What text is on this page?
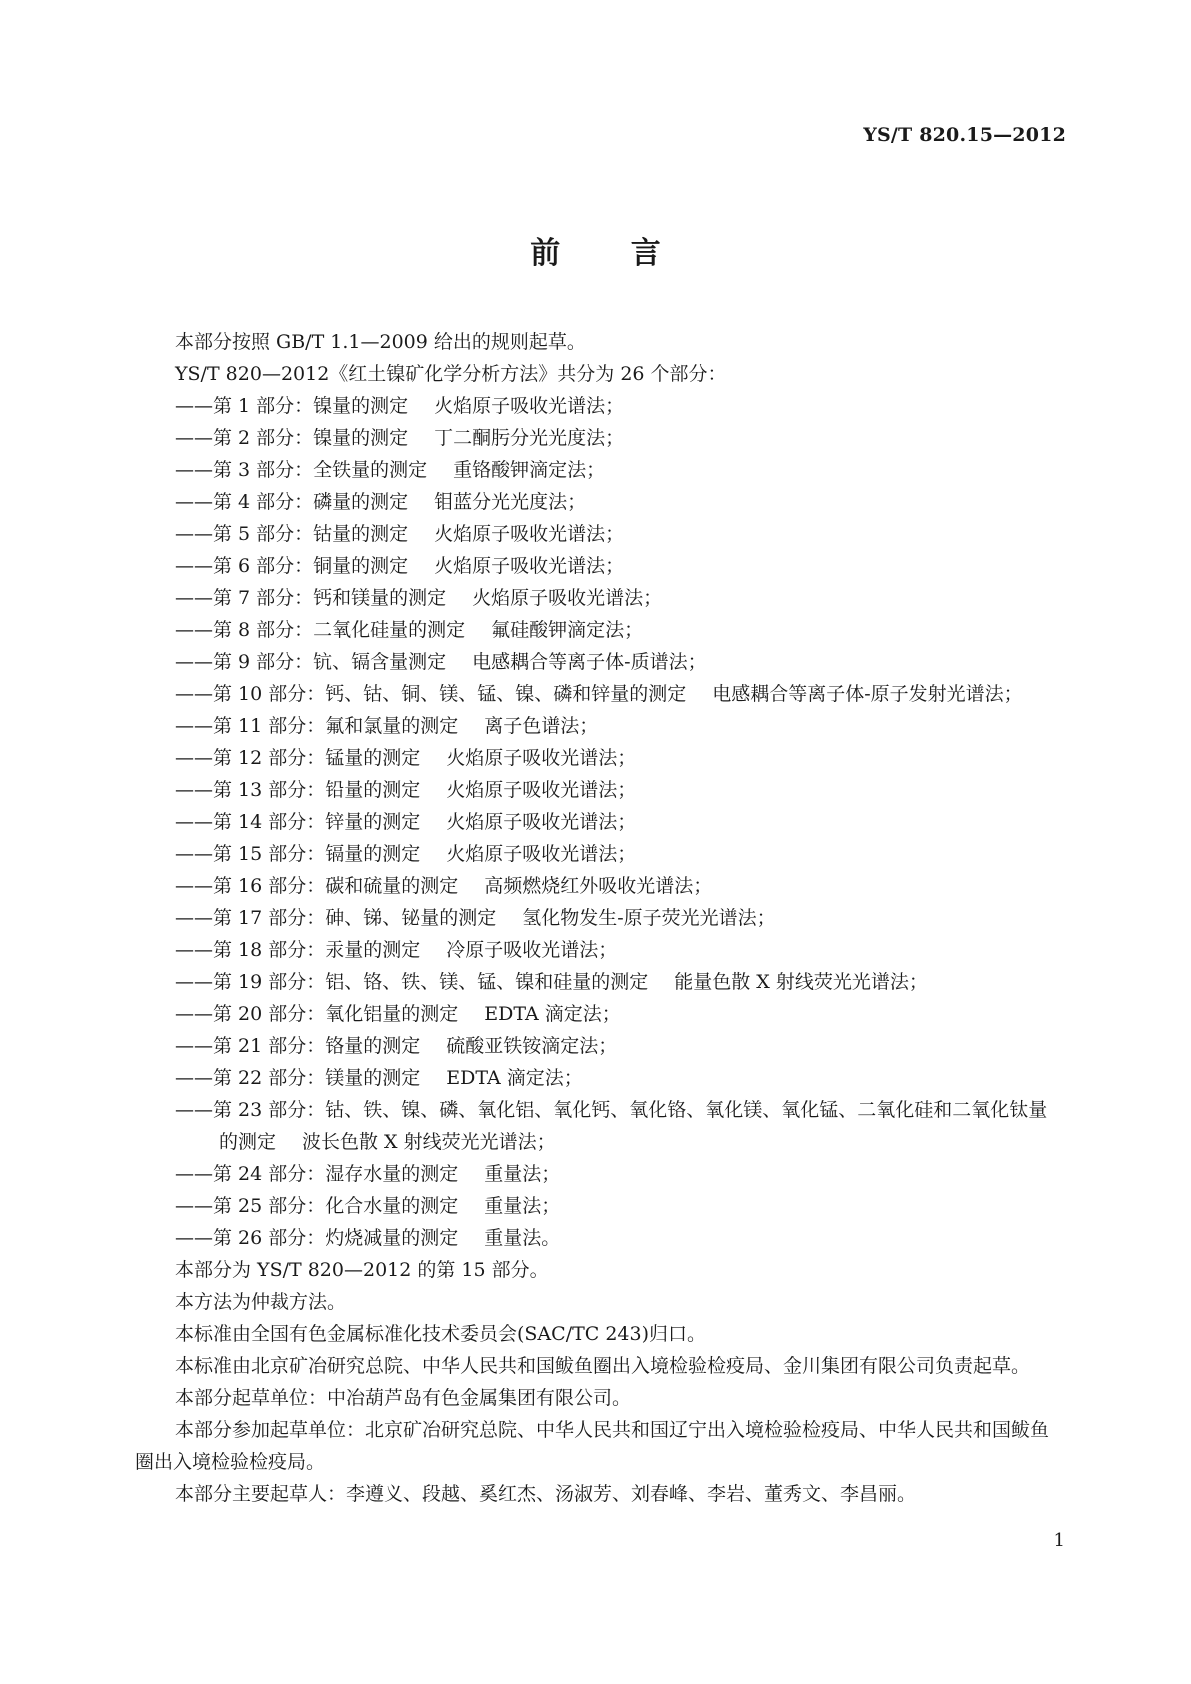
YS/T 820.15—2012
前 言

本部分按照 GB/T 1.1—2009 给出的规则起草。

YS/T 820—2012《红土镍矿化学分析方法》共分为 26 个部分：

——第 1 部分：镍量的测定 火焰原子吸收光谱法；

——第 2 部分：镍量的测定 丁二酮肟分光光度法；

——第 3 部分：全铁量的测定 重铬酸钾滴定法；

——第 4 部分：磷量的测定 钼蓝分光光度法；

——第 5 部分：钴量的测定 火焰原子吸收光谱法；

——第 6 部分：铜量的测定 火焰原子吸收光谱法；

——第 7 部分：钙和镁量的测定 火焰原子吸收光谱法；

——第 8 部分：二氧化硅量的测定 氟硅酸钾滴定法；

——第 9 部分：钪、镉含量测定 电感耦合等离子体-质谱法；

——第 10 部分：钙、钴、铜、镁、锰、镍、磷和锌量的测定 电感耦合等离子体-原子发射光谱法；

——第 11 部分：氟和氯量的测定 离子色谱法；

——第 12 部分：锰量的测定 火焰原子吸收光谱法；

——第 13 部分：铅量的测定 火焰原子吸收光谱法；

——第 14 部分：锌量的测定 火焰原子吸收光谱法；

——第 15 部分：镉量的测定 火焰原子吸收光谱法；

——第 16 部分：碳和硫量的测定 高频燃烧红外吸收光谱法；

——第 17 部分：砷、锑、铋量的测定 氢化物发生-原子荧光光谱法；

——第 18 部分：汞量的测定 冷原子吸收光谱法；

——第 19 部分：铝、铬、铁、镁、锰、镍和硅量的测定 能量色散 X 射线荧光光谱法；

——第 20 部分：氧化铝量的测定 EDTA 滴定法；

——第 21 部分：铬量的测定 硫酸亚铁铵滴定法；

——第 22 部分：镁量的测定 EDTA 滴定法；

——第 23 部分：钴、铁、镍、磷、氧化铝、氧化钙、氧化铬、氧化镁、氧化锰、二氧化硅和二氧化钛量的测定 波长色散 X 射线荧光光谱法；

——第 24 部分：湿存水量的测定 重量法；

——第 25 部分：化合水量的测定 重量法；

——第 26 部分：灼烧减量的测定 重量法。

本部分为 YS/T 820—2012 的第 15 部分。

本方法为仲裁方法。

本标准由全国有色金属标准化技术委员会(SAC/TC 243)归口。

本标准由北京矿冶研究总院、中华人民共和国鲅鱼圈出入境检验检疫局、金川集团有限公司负责起草。

本部分起草单位：中冶葫芦岛有色金属集团有限公司。

本部分参加起草单位：北京矿冶研究总院、中华人民共和国辽宁出入境检验检疫局、中华人民共和国鲅鱼圈出入境检验检疫局。

本部分主要起草人：李遵义、段越、奚红杰、汤淑芳、刘春峰、李岩、董秀文、李昌丽。

1
